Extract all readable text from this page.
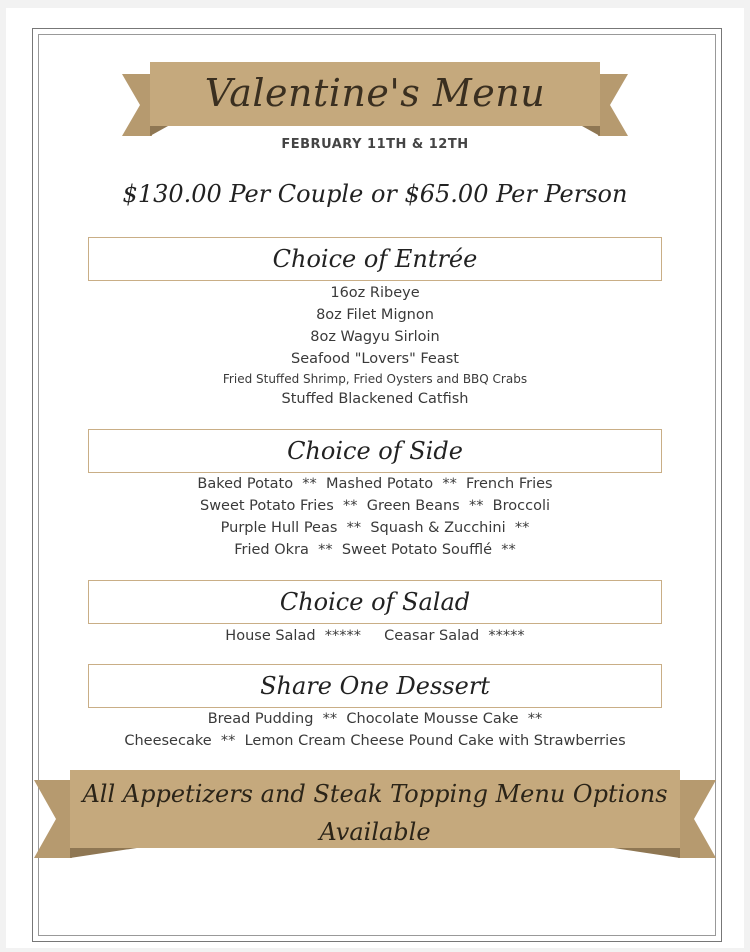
Valentine's Menu
FEBRUARY 11TH & 12TH
$130.00 Per Couple or $65.00 Per Person
Choice of Entrée
16oz Ribeye
8oz Filet Mignon
8oz Wagyu Sirloin
Seafood "Lovers" Feast
Fried Stuffed Shrimp, Fried Oysters and BBQ Crabs
Stuffed Blackened Catfish
Choice of Side
Baked Potato  **  Mashed Potato  **  French Fries
Sweet Potato Fries  **  Green Beans  **  Broccoli
Purple Hull Peas  **  Squash & Zucchini  **
Fried Okra  **  Sweet Potato Soufflé  **
Choice of Salad
House Salad  *****     Ceasar Salad  *****
Share One Dessert
Bread Pudding  **  Chocolate Mousse Cake  **
Cheesecake  **  Lemon Cream Cheese Pound Cake with Strawberries
All Appetizers and Steak Topping Menu Options
Available
